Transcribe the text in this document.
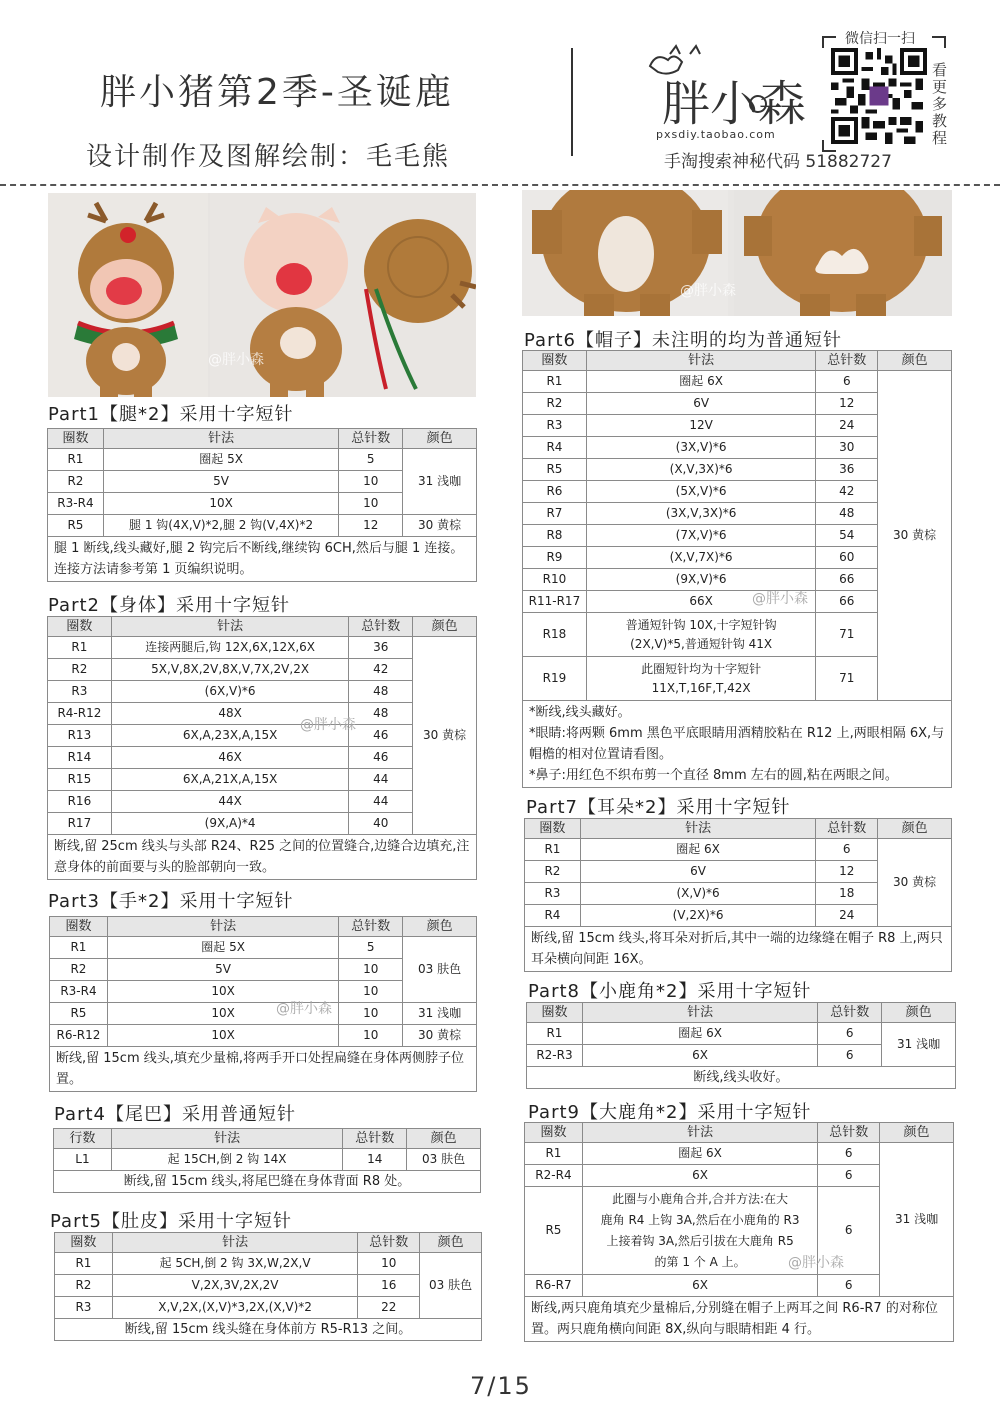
胖小猪第2季-圣诞鹿
设计制作及图解绘制：毛毛熊
胖小森
pxsdiy.taobao.com
手淘搜索神秘代码 51882727
微信扫一扫
看更多教程
@胖小森
@胖小森
Part1【腿*2】采用十字短针
圈数	针法	总针数	颜色
R1	圈起 5X	5	31 浅咖
R2	5V	10	
R3-R4	10X	10	
R5	腿 1 钩(4X,V)*2,腿 2 钩(V,4X)*2	12	30 黄棕
腿 1 断线,线头藏好,腿 2 钩完后不断线,继续钩 6CH,然后与腿 1 连接。连接方法请参考第 1 页编织说明。			
Part2【身体】采用十字短针
圈数	针法	总针数	颜色
R1	连接两腿后,钩 12X,6X,12X,6X	36	30 黄棕
R2	5X,V,8X,2V,8X,V,7X,2V,2X	42	
R3	(6X,V)*6	48	
R4-R12	48X	48	
R13	6X,A,23X,A,15X	46	
R14	46X	46	
R15	6X,A,21X,A,15X	44	
R16	44X	44	
R17	(9X,A)*4	40	
断线,留 25cm 线头与头部 R24、R25 之间的位置缝合,边缝合边填充,注意身体的前面要与头的脸部朝向一致。			
@胖小森
Part3【手*2】采用十字短针
圈数	针法	总针数	颜色
R1	圈起 5X	5	03 肤色
R2	5V	10	
R3-R4	10X	10	
R5	10X	10	31 浅咖
R6-R12	10X	10	30 黄棕
断线,留 15cm 线头,填充少量棉,将两手开口处捏扁缝在身体两侧脖子位置。			
@胖小森
Part4【尾巴】采用普通短针
行数	针法	总针数	颜色
L1	起 15CH,倒 2 钩 14X	14	03 肤色
断线,留 15cm 线头,将尾巴缝在身体背面 R8 处。			
Part5【肚皮】采用十字短针
圈数	针法	总针数	颜色
R1	起 5CH,倒 2 钩 3X,W,2X,V	10	03 肤色
R2	V,2X,3V,2X,2V	16	
R3	X,V,2X,(X,V)*3,2X,(X,V)*2	22	
断线,留 15cm 线头缝在身体前方 R5-R13 之间。			
Part6【帽子】未注明的均为普通短针
圈数	针法	总针数	颜色
R1	圈起 6X	6	30 黄棕
R2	6V	12	
R3	12V	24	
R4	(3X,V)*6	30	
R5	(X,V,3X)*6	36	
R6	(5X,V)*6	42	
R7	(3X,V,3X)*6	48	
R8	(7X,V)*6	54	
R9	(X,V,7X)*6	60	
R10	(9X,V)*6	66	
R11-R17	66X	66	
R18	普通短针钩 10X,十字短针钩
(2X,V)*5,普通短针钩 41X	71	
R19	此圈短针均为十字短针
11X,T,16F,T,42X	71	

*断线,线头藏好。
*眼睛:将两颗 6mm 黑色平底眼睛用酒精胶粘在 R12 上,两眼相隔 6X,与帽檐的相对位置请看图。
*鼻子:用红色不织布剪一个直径 8mm 左右的圆,粘在两眼之间。			
@胖小森
Part7【耳朵*2】采用十字短针
圈数	针法	总针数	颜色
R1	圈起 6X	6	30 黄棕
R2	6V	12	
R3	(X,V)*6	18	
R4	(V,2X)*6	24	
断线,留 15cm 线头,将耳朵对折后,其中一端的边缘缝在帽子 R8 上,两只耳朵横向间距 16X。			
Part8【小鹿角*2】采用十字短针
圈数	针法	总针数	颜色
R1	圈起 6X	6	31 浅咖
R2-R3	6X	6	
断线,线头收好。			
Part9【大鹿角*2】采用十字短针
圈数	针法	总针数	颜色
R1	圈起 6X	6	31 浅咖
R2-R4	6X	6	
R5	此圈与小鹿角合并,合并方法:在大
鹿角 R4 上钩 3A,然后在小鹿角的 R3
上接着钩 3A,然后引拔在大鹿角 R5
的第 1 个 A 上。	6	
R6-R7	6X	6	
断线,两只鹿角填充少量棉后,分别缝在帽子上两耳之间 R6-R7 的对称位置。两只鹿角横向间距 8X,纵向与眼睛相距 4 行。			
@胖小森
7/15
